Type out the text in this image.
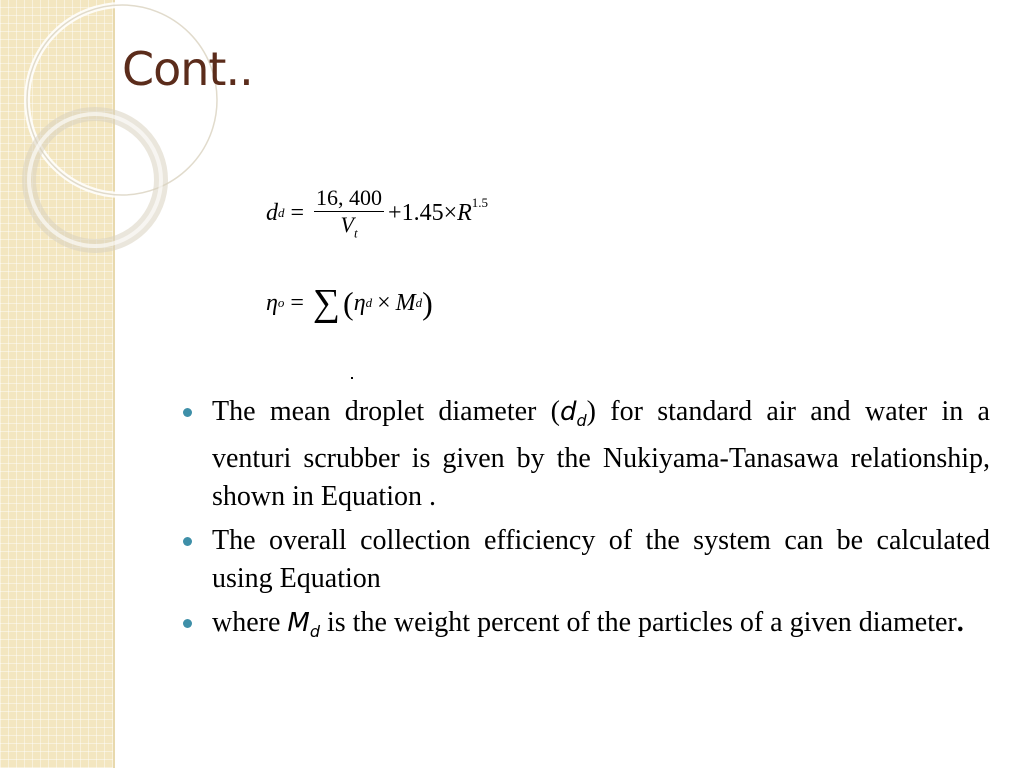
Cont..
d $d = \frac{16, 400}{V_t} +1.45\times R$ 1.5
η o = ∑ ( η d × M d )
The mean droplet diameter $(d_d)$ for standard air and water in a venturi scrubber is given by the Nukiyama-Tanasawa relationship, shown in Equation .
The overall collection efficiency of the system can be calculated using Equation
where $M_d$ is the weight percent of the particles of a given diameter.
